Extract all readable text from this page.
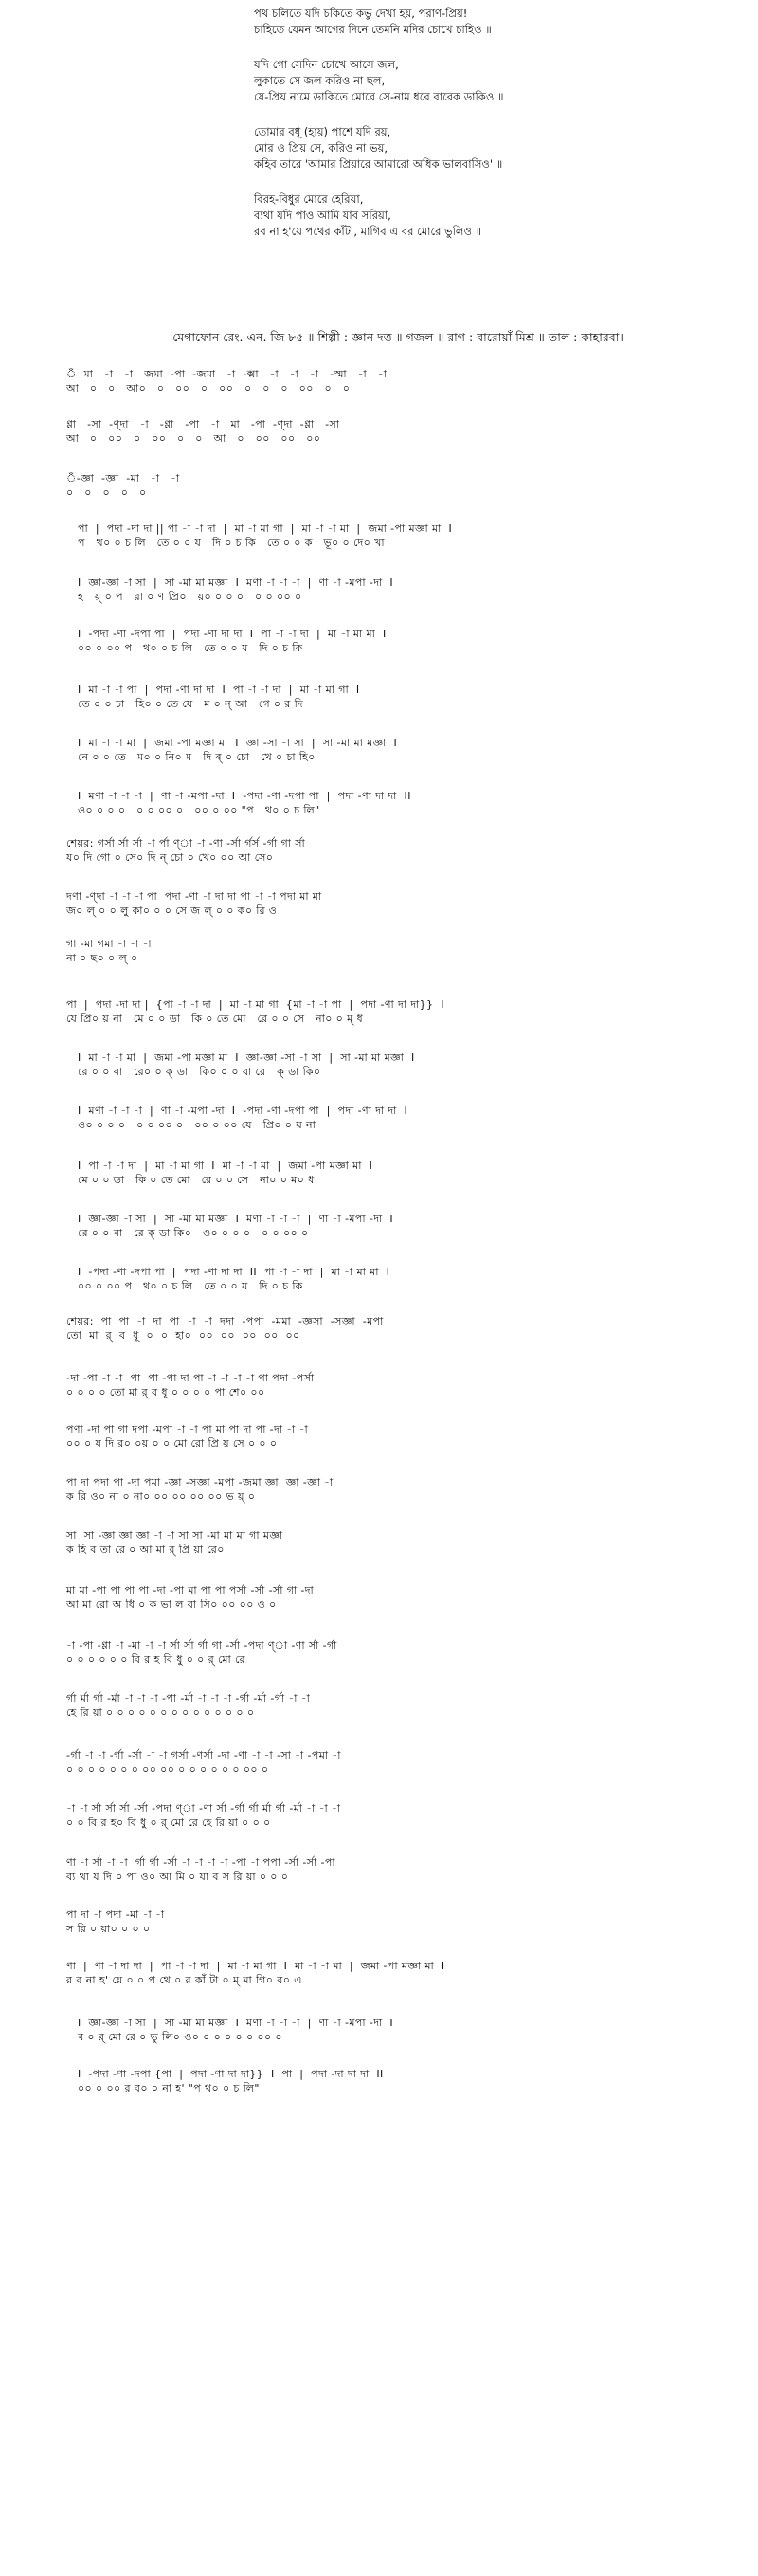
পথ চলিতে যদি চকিতে কভু দেখা হয়, পরাণ-প্রিয়!
চাহিতে যেমন আগের দিনে তেমনি মদির চোখে চাহিও ॥
যদি গো সেদিন চোখে আসে জল,
লুকাতে সে জল করিও না ছল,
যে-প্রিয় নামে ডাকিতে মোরে সে-নাম ধরে বারেক ডাকিও ॥
তোমার বধূ (হায়) পাশে যদি রয়,
মোর ও প্রিয় সে, করিও না ভয়,
কহিব তারে 'আমার প্রিয়ারে আমারো অধিক ভালবাসিও' ॥
বিরহ-বিধুর মোরে হেরিয়া,
ব্যথা যদি পাও আমি যাব সরিয়া,
রব না হ'য়ে পথের কাঁটা, মাগিব এ বর মোরে ভুলিও ॥
মেগাফোন রেং. এন. জি ৮৫ ॥ শিল্পী : জ্ঞান দত্ত ॥ গজল ॥ রাগ : বারোয়াঁ মিশ্র ॥ তাল : কাহারবা।
ঁ  মা   -া   -া   জমা  -পা  -জমা   -া  -ক্মা   -া   -া   -া   -স্মা   -া   -া
আ   ০   ০   আ০   ০   ০০   ০   ০০   ০   ০   ০   ০০   ০   ০
ণ্ণা   -সা  -ণ্দা   -া   -ণ্ণা   -পা   -া   মা   -পা  -ণ্দা  -ণ্ণা   -সা
আ   ০   ০০   ০   ০০   ০   ০   আ   ০   ০০   ০০   ০০
ঁ-জ্ঞা  -জ্ঞা  -মা   -া   -া
০   ০   ০   ০   ০
পা  |  পদা -দা দা || পা -া -া দা  |  মা -া মা গা  |  মা -া -া মা  |  জমা -পা মজ্ঞা মা  I
প   থ০ ০ চ লি   তে ০ ০ য   দি ০ চ কি   তে ০ ০ ক   ভূ০ ০ দে০ খা
I  জ্ঞা-জ্ঞা -া সা  |  সা -মা মা মজ্ঞা  I  মণা -া -া -া  |  ণা -া -মপা -দা  I
হ   য়্ ০ প   রা ০ ণ প্রি০   য়০ ০ ০ ০   ০ ০ ০০ ০
I  -পদা -ণা -দপা পা  |  পদা -ণা দা দা  I  পা -া -া দা  |  মা -া মা মা  I
০০ ০ ০০ প   থ০ ০ চ লি   তে ০ ০ য   দি ০ চ কি
I  মা -া -া পা  |  পদা -ণা দা দা  I  পা -া -া দা  |  মা -া মা গা  I
তে ০ ০ চা   হি০ ০ তে যে   ম ০ ন্ আ   গে ০ র দি
I  মা -া -া মা  |  জমা -পা মজ্ঞা মা  I  জ্ঞা -সা -া সা  |  সা -মা মা মজ্ঞা  I
নে ০ ০ তে   ম০ ০ নি০ ম   দি ৰ্ ০ চো   খে ০ চা হি০
I  মণা -া -া -া  |  ণা -া -মপা -দা  I  -পদা -ণা -দপা পা  |  পদা -ণা দা দা  II
ও০ ০ ০ ০   ০ ০ ০০ ০   ০০ ০ ০০ "প   থ০ ০ চ লি"
শেয়র: গর্সা র্সা র্সা -া র্পা ণ্া -া -ণা -র্সা র্গর্স -র্গা গা র্সা
য০ দি গো ০ সে০ দি ন্ চো ০ খে০ ০০ আ সে০
দণা -ণ্দা -া -া -া পা  পদা -ণা -া দা দা পা -া -া পদা মা মা
জ০ ল্ ০ ০ লু কা০ ০ ০ সে জ ল্ ০ ০ ক০ রি ও
গা -মা গমা -া -া -া
না ০ ছ০ ০ ল্ ০
পা  |  পদা -দা দা |  {পা -া -া দা  |  মা -া মা গা  {মা -া -া পা  |  পদা -ণা দা দা}}  I
যে প্রি০ য় না   মে ০ ০ ডা   কি ০ তে মো   রে ০ ০ সে   না০ ০ ম্ ধ
I  মা -া -া মা  |  জমা -পা মজ্ঞা মা  I  জ্ঞা-জ্ঞা -সা -া সা  |  সা -মা মা মজ্ঞা  I
রে ০ ০ বা   রে০ ০ ক্ ডা   কি০ ০ ০ বা রে   ক্ ডা কি০
I  মণা -া -া -া  |  ণা -া -মপা -দা  I  -পদা -ণা -দপা পা  |  পদা -ণা দা দা  I
ও০ ০ ০ ০   ০ ০ ০০ ০   ০০ ০ ০০ যে   প্রি০ ০ য় না
I  পা -া -া দা  |  মা -া মা গা  I  মা -া -া মা  |  জমা -পা মজ্ঞা মা  I
মে ০ ০ ডা   কি ০ তে মো   রে ০ ০ সে   না০ ০ ম০ ধ
I  জ্ঞা-জ্ঞা -া সা  |  সা -মা মা মজ্ঞা  I  মণা -া -া -া  |  ণা -া -মপা -দা  I
রে ০ ০ বা   রে ক্ ডা কি০   ও০ ০ ০ ০   ০ ০ ০০ ০
I  -পদা -ণা -দপা পা  |  পদা -ণা দা দা  II  পা -া -া দা  |  মা -া মা মা  I
০০ ০ ০০ প   থ০ ০ চ লি   তে ০ ০ য   দি ০ চ কি
শেয়র:  পা  পা  -া  দা  পা  -া  -া  দদা  -পপা  -মমা  -জ্ঞসা  -সজ্ঞা  -মপা
তো  মা  র্  ব  ধূ  ০  ০  হা০  ০০  ০০  ০০  ০০  ০০
-দা -পা -া -া  পা  পা -পা দা পা -া -া -া -া পা পদা -পর্সা
০ ০ ০ ০ তো মা র্ ব ধূ ০ ০ ০ ০ পা শে০ ০০
পণা -দা পা গা দপা -মপা -া -া পা মা পা দা পা -দা -া -া
০০ ০ য দি র০ ০য় ০ ০ মো রো প্রি য় সে ০ ০ ০
পা দা পদা পা -দা পমা -জ্ঞা -সজ্ঞা -মপা -জমা জ্ঞা  জ্ঞা -জ্ঞা -া
ক রি ও০ না ০ না০ ০০ ০০ ০০ ০০ ভ য়্ ০
সা  সা -জ্ঞা জ্ঞা জ্ঞা -া -া সা সা -মা মা মা গা মজ্ঞা
ক হি ব তা রে ০ আ মা র্ প্রি য়া রে০
মা মা -পা পা পা পা -দা -পা মা পা পা পর্সা -র্সা -র্সা গা -দা
আ মা রো অ ধি ০ ক ভা ল বা সি০ ০০ ০০ ও ০
-া -পা -ণ্ণা -া -মা -া -া র্সা র্সা র্গা গা -র্সা -পদা ণ্া -ণা র্সা -র্গা
০ ০ ০ ০ ০ ০ বি র হ বি ধু ০ ০ র্ মো রে
র্গা র্মা র্গা -র্মা -া -া -া -পা -র্মা -া -া -া -র্গা -র্মা -র্গা -া -া
হে রি য়া ০ ০ ০ ০ ০ ০ ০ ০ ০ ০ ০ ০ ০ ০
-র্গা -া -া -র্গা -র্সা -া -া গর্সা -ণর্সা -দা -ণা -া -া -সা -া -পমা -া
০ ০ ০ ০ ০ ০ ০ ০০ ০০ ০ ০ ০ ০ ০ ০ ০০ ০
-া -া র্সা র্সা র্সা -র্সা -পদা ণ্া -ণা র্সা -র্গা র্গা র্মা র্গা -র্মা -া -া -া
০ ০ বি র হ০ বি ধু ০ র্ মো রে হে রি য়া ০ ০ ০
ণা -া র্সা -া -া  র্গা র্গা -র্সা -া -া -া -া -পা -া পপা -র্সা -র্সা -পা
ব্য থা য দি ০ পা ও০ আ মি ০ যা ব স রি য়া ০ ০ ০
পা দা -া পদা -মা -া -া
স রি ০ য়া০ ০ ০ ০
ণা  |  ণা -া দা দা  |  পা -া -া দা  |  মা -া মা গা  I  মা -া -া মা  |  জমা -পা মজ্ঞা মা  I
র ব না হ' য়ে ০ ০ প থে ০ র কাঁ টা ০ ম্ মা গি০ ব০ এ
I  জ্ঞা-জ্ঞা -া সা  |  সা -মা মা মজ্ঞা  I  মণা -া -া -া  |  ণা -া -মপা -দা  I
ব ০ র্ মো রে ০ ভু লি০ ও০ ০ ০ ০ ০ ০ ০০ ০
I  -পদা -ণা -দপা {পা  |  পদা -ণা দা দা}}  I  পা  |  পদা -দা দা দা  II
০০ ০ ০০ র ব০ ০ না হ' "প থ০ ০ চ লি"
